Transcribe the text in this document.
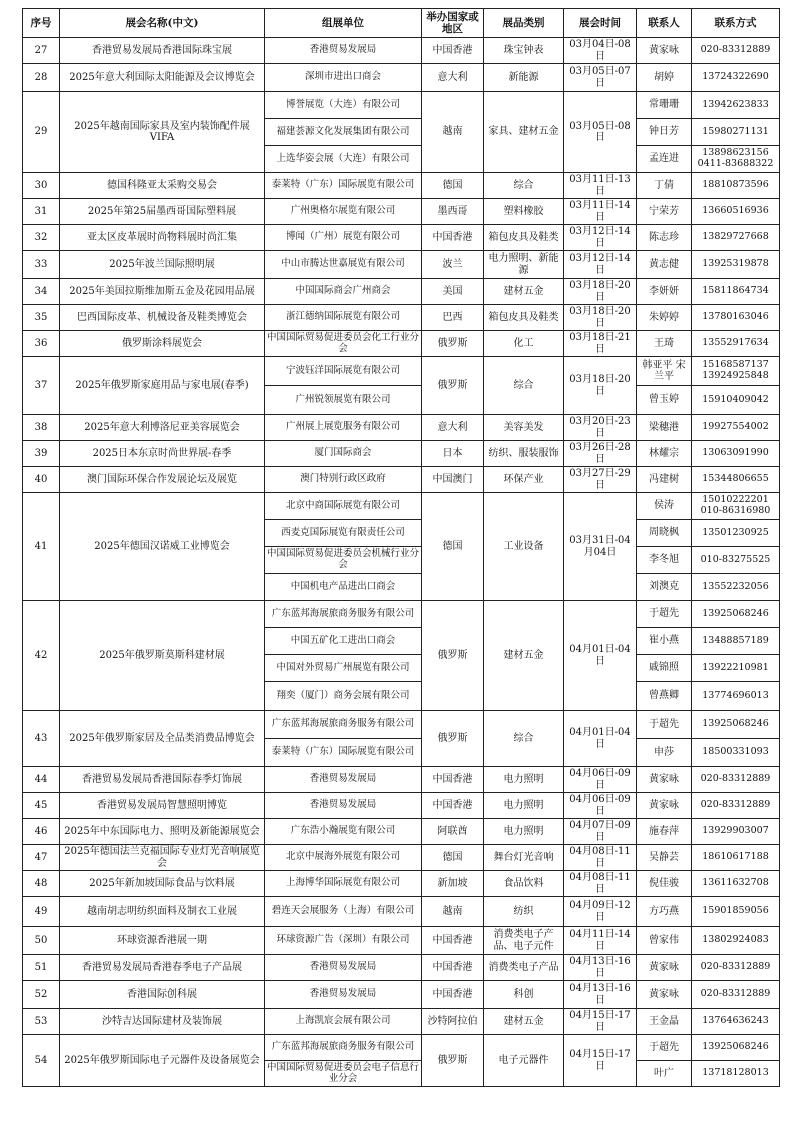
序号	展会名称(中文)	组展单位	举办国家或地区	展品类别	展会时间	联系人	联系方式
27	香港贸易发展局香港国际珠宝展	香港贸易发展局	中国香港	珠宝钟表	03月04日-08日	黄家咏	020-83312889
28	2025年意大利国际太阳能源及会议博览会	深圳市进出口商会	意大利	新能源	03月05日-07日	胡婷	13724322690
29	2025年越南国际家具及室内装饰配件展 VIFA	博誉展览（大连）有限公司	越南	家具、建材五金	03月05日-08日	常珊珊	13942623833
		福建荟源文化发展集团有限公司				钟日芳	15980271131
		上选华姿会展（大连）有限公司				孟连进	13898623156 0411-83688322
30	德国科隆亚太采购交易会	泰莱特（广东）国际展览有限公司	德国	综合	03月11日-13日	丁倩	18810873596
31	2025年第25届墨西哥国际塑料展	广州奥格尔展览有限公司	墨西哥	塑料橡胶	03月11日-14日	宁荣芳	13660516936
32	亚太区皮革展时尚物料展时尚汇集	博闻（广州）展览有限公司	中国香港	箱包皮具及鞋类	03月12日-14日	陈志珍	13829727668
33	2025年波兰国际照明展	中山市腾达世嘉展览有限公司	波兰	电力照明、新能源	03月12日-14日	黄志健	13925319878
34	2025年美国拉斯维加斯五金及花园用品展	中国国际商会广州商会	美国	建材五金	03月18日-20日	李妍妍	15811864734
35	巴西国际皮革、机械设备及鞋类博览会	浙江德纳国际展览有限公司	巴西	箱包皮具及鞋类	03月18日-20日	朱婷婷	13780163046
36	俄罗斯涂料展览会	中国国际贸易促进委员会化工行业分会	俄罗斯	化工	03月18日-21日	王琦	13552917634
37	2025年俄罗斯家庭用品与家电展(春季)	宁波钰洋国际展览有限公司	俄罗斯	综合	03月18日-20日	韩亚平 宋兰平	15168587137 13924925848
		广州锐领展览有限公司				曾玉婷	15910409042
38	2025年意大利博洛尼亚美容展览会	广州展上展览服务有限公司	意大利	美容美发	03月20日-23日	梁穗港	19927554002
39	2025日本东京时尚世界展-春季	厦门国际商会	日本	纺织、服装服饰	03月26日-28日	林耀宗	13063091990
40	澳门国际环保合作发展论坛及展览	澳门特别行政区政府	中国澳门	环保产业	03月27日-29日	冯建树	15344806655
41	2025年德国汉诺威工业博览会	北京中商国际展览有限公司	德国	工业设备	03月31日-04月04日	侯涛	15010222201 010-86316980
		西麦克国际展览有限责任公司				周晓枫	13501230925
		中国国际贸易促进委员会机械行业分会				李冬旭	010-83275525
		中国机电产品进出口商会				刘澳克	13552232056
42	2025年俄罗斯莫斯科建材展	广东蓝邦海展旅商务服务有限公司	俄罗斯	建材五金	04月01日-04日	于超先	13925068246
		中国五矿化工进出口商会				崔小燕	13488857189
		中国对外贸易广州展览有限公司				戚锦照	13922210981
		翔奕（厦门）商务会展有限公司				曾燕卿	13774696013
43	2025年俄罗斯家居及全品类消费品博览会	广东蓝邦海展旅商务服务有限公司	俄罗斯	综合	04月01日-04日	于超先	13925068246
		泰莱特（广东）国际展览有限公司				申莎	18500331093
44	香港贸易发展局香港国际春季灯饰展	香港贸易发展局	中国香港	电力照明	04月06日-09日	黄家咏	020-83312889
45	香港贸易发展局智慧照明博览	香港贸易发展局	中国香港	电力照明	04月06日-09日	黄家咏	020-83312889
46	2025年中东国际电力、照明及新能源展览会	广东浩小瀚展览有限公司	阿联酋	电力照明	04月07日-09日	施春萍	13929903007
47	2025年德国法兰克福国际专业灯光音响展览会	北京中展海外展览有限公司	德国	舞台灯光音响	04月08日-11日	吴静芸	18610617188
48	2025年新加坡国际食品与饮料展	上海博华国际展览有限公司	新加坡	食品饮料	04月08日-11日	倪佳骏	13611632708
49	越南胡志明纺织面料及制衣工业展	碧连天会展服务（上海）有限公司	越南	纺织	04月09日-12日	方巧燕	15901859056
50	环球资源香港展一期	环球资源广告（深圳）有限公司	中国香港	消费类电子产品、电子元件	04月11日-14日	曾家伟	13802924083
51	香港贸易发展局香港春季电子产品展	香港贸易发展局	中国香港	消费类电子产品	04月13日-16日	黄家咏	020-83312889
52	香港国际创科展	香港贸易发展局	中国香港	科创	04月13日-16日	黄家咏	020-83312889
53	沙特吉达国际建材及装饰展	上海凯宸会展有限公司	沙特阿拉伯	建材五金	04月15日-17日	王金晶	13764636243
54	2025年俄罗斯国际电子元器件及设备展览会	广东蓝邦海展旅商务服务有限公司	俄罗斯	电子元器件	04月15日-17日	于超先	13925068246
		中国国际贸易促进委员会电子信息行业分会				叶广	13718128013
